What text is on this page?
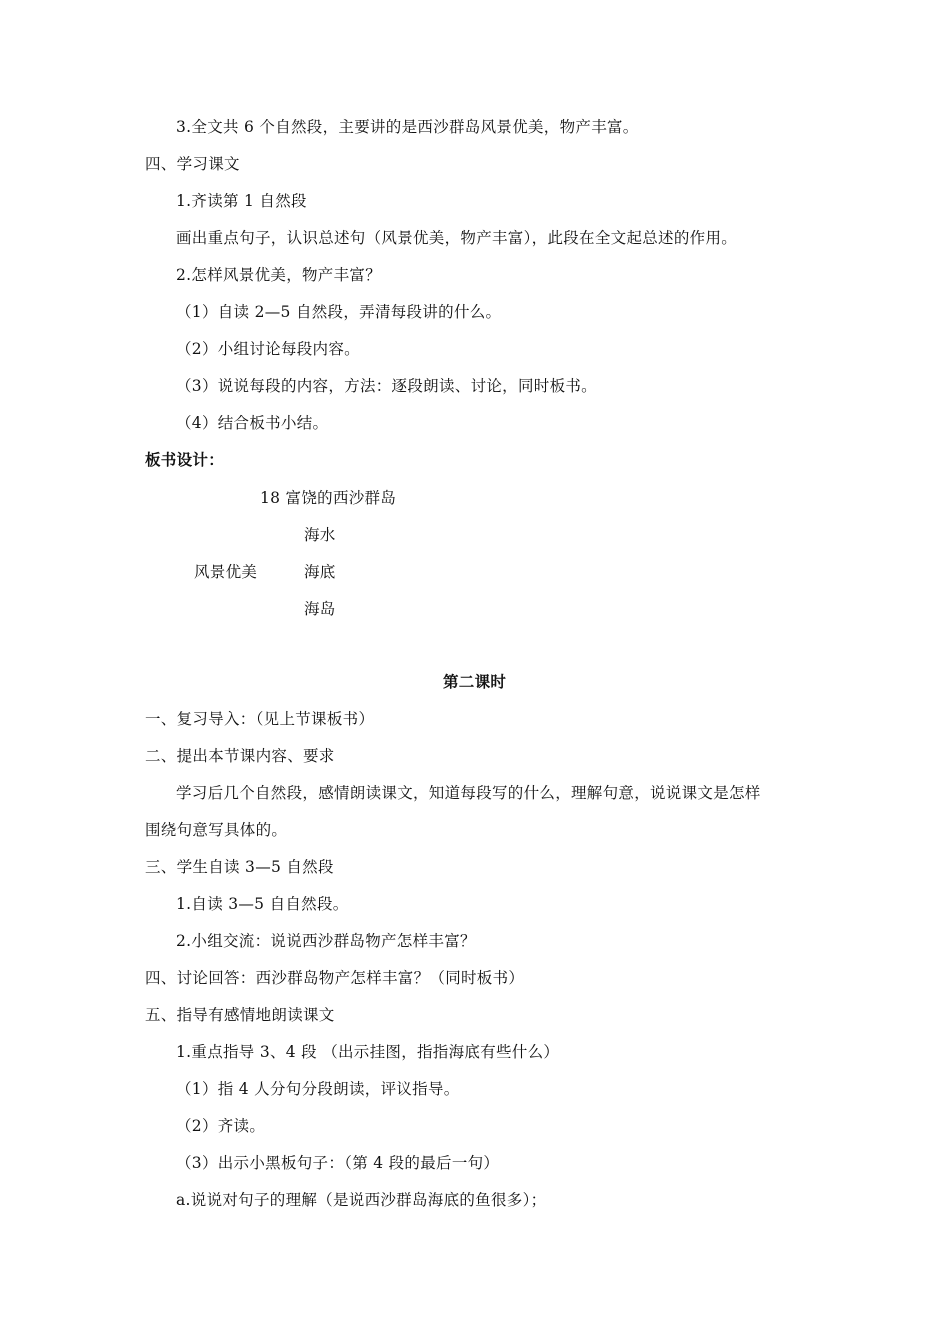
3.全文共 6 个自然段，主要讲的是西沙群岛风景优美，物产丰富。
四、学习课文
1.齐读第 1 自然段
画出重点句子，认识总述句（风景优美，物产丰富），此段在全文起总述的作用。
2.怎样风景优美，物产丰富？
（1）自读 2—5 自然段，弄清每段讲的什么。
（2）小组讨论每段内容。
（3）说说每段的内容，方法：逐段朗读、讨论，同时板书。
（4）结合板书小结。
板书设计：
18 富饶的西沙群岛
海水
风景优美	海底
海岛
第二课时
一、复习导入：（见上节课板书）
二、提出本节课内容、要求
学习后几个自然段，感情朗读课文，知道每段写的什么，理解句意，说说课文是怎样
围绕句意写具体的。
三、学生自读 3—5 自然段
1.自读 3—5 自自然段。
2.小组交流：说说西沙群岛物产怎样丰富？
四、讨论回答：西沙群岛物产怎样丰富？（同时板书）
五、指导有感情地朗读课文
1.重点指导 3、4 段 （出示挂图，指指海底有些什么）
（1）指 4 人分句分段朗读，评议指导。
（2）齐读。
（3）出示小黑板句子：（第 4 段的最后一句）
a.说说对句子的理解（是说西沙群岛海底的鱼很多）；
